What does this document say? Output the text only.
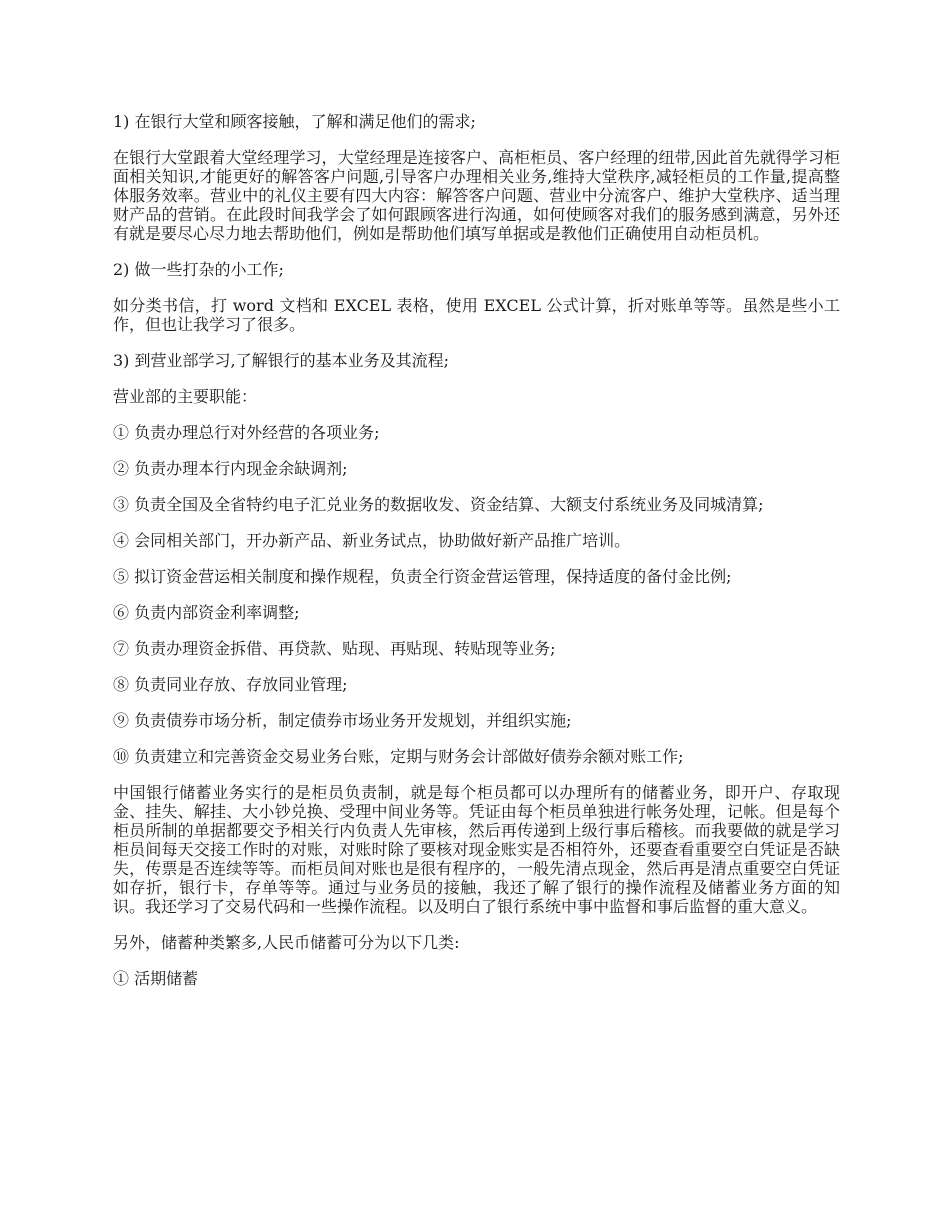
1) 在银行大堂和顾客接触，了解和满足他们的需求;

在银行大堂跟着大堂经理学习，大堂经理是连接客户、高柜柜员、客户经理的纽带,因此首先就得学习柜面相关知识,才能更好的解答客户问题,引导客户办理相关业务,维持大堂秩序,减轻柜员的工作量,提高整体服务效率。营业中的礼仪主要有四大内容：解答客户问题、营业中分流客户、维护大堂秩序、适当理财产品的营销。在此段时间我学会了如何跟顾客进行沟通，如何使顾客对我们的服务感到满意，另外还有就是要尽心尽力地去帮助他们，例如是帮助他们填写单据或是教他们正确使用自动柜员机。

2) 做一些打杂的小工作;

如分类书信，打 word 文档和 EXCEL 表格，使用 EXCEL 公式计算，折对账单等等。虽然是些小工作，但也让我学习了很多。

3) 到营业部学习,了解银行的基本业务及其流程;

营业部的主要职能：

① 负责办理总行对外经营的各项业务;

② 负责办理本行内现金余缺调剂;

③ 负责全国及全省特约电子汇兑业务的数据收发、资金结算、大额支付系统业务及同城清算;

④ 会同相关部门，开办新产品、新业务试点，协助做好新产品推广培训。

⑤ 拟订资金营运相关制度和操作规程，负责全行资金营运管理，保持适度的备付金比例;

⑥ 负责内部资金利率调整;

⑦ 负责办理资金拆借、再贷款、贴现、再贴现、转贴现等业务;

⑧ 负责同业存放、存放同业管理;

⑨ 负责债券市场分析，制定债券市场业务开发规划，并组织实施;

⑩ 负责建立和完善资金交易业务台账，定期与财务会计部做好债券余额对账工作;

中国银行储蓄业务实行的是柜员负责制，就是每个柜员都可以办理所有的储蓄业务，即开户、存取现金、挂失、解挂、大小钞兑换、受理中间业务等。凭证由每个柜员单独进行帐务处理，记帐。但是每个柜员所制的单据都要交予相关行内负责人先审核，然后再传递到上级行事后稽核。而我要做的就是学习柜员间每天交接工作时的对账，对账时除了要核对现金账实是否相符外，还要查看重要空白凭证是否缺失，传票是否连续等等。而柜员间对账也是很有程序的，一般先清点现金，然后再是清点重要空白凭证如存折，银行卡，存单等等。通过与业务员的接触，我还了解了银行的操作流程及储蓄业务方面的知识。我还学习了交易代码和一些操作流程。以及明白了银行系统中事中监督和事后监督的重大意义。

另外，储蓄种类繁多,人民币储蓄可分为以下几类:

① 活期储蓄
